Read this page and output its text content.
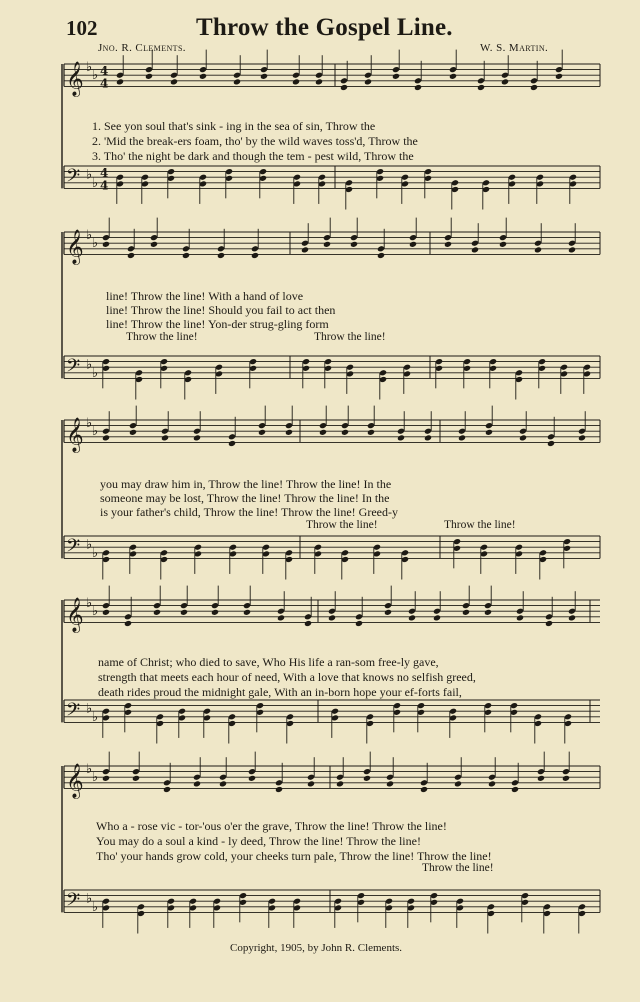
102	Throw the Gospel Line.
Jno. R. Clements.	W. S. Martin.
𝄞 ♭
♭ 4
4
𝄢 ♭
♭
4
4
𝄞 ♭
♭
𝄢 ♭
♭
𝄞 ♭
♭
𝄢 ♭
♭
𝄞 ♭
♭
𝄢 ♭
♭
𝄞 ♭
♭
𝄢 ♭
♭
1. See yon soul that's sink - ing in the sea of sin, Throw the
2. 'Mid the break-ers foam, tho' by the wild waves toss'd, Throw the
3. Tho' the night be dark and though the tem - pest wild, Throw the
line! Throw the line! With a hand of love
line! Throw the line! Should you fail to act then
line! Throw the line! Yon-der strug-gling form
Throw the line!	Throw the line!
you may draw him in, Throw the line! Throw the line! In the
someone may be lost, Throw the line! Throw the line! In the
is your father's child, Throw the line! Throw the line! Greed-y
Throw the line!	Throw the line!
name of Christ; who died to save, Who His life a ran-som free-ly gave,
strength that meets each hour of need, With a love that knows no selfish greed,
death rides proud the midnight gale, With an in-born hope your ef-forts fail,
Who a - rose vic - tor-'ous o'er the grave, Throw the line! Throw the line!
You may do a soul a kind - ly deed, Throw the line! Throw the line!
Tho' your hands grow cold, your cheeks turn pale, Throw the line! Throw the line!
Throw the line!
Copyright, 1905, by John R. Clements.
